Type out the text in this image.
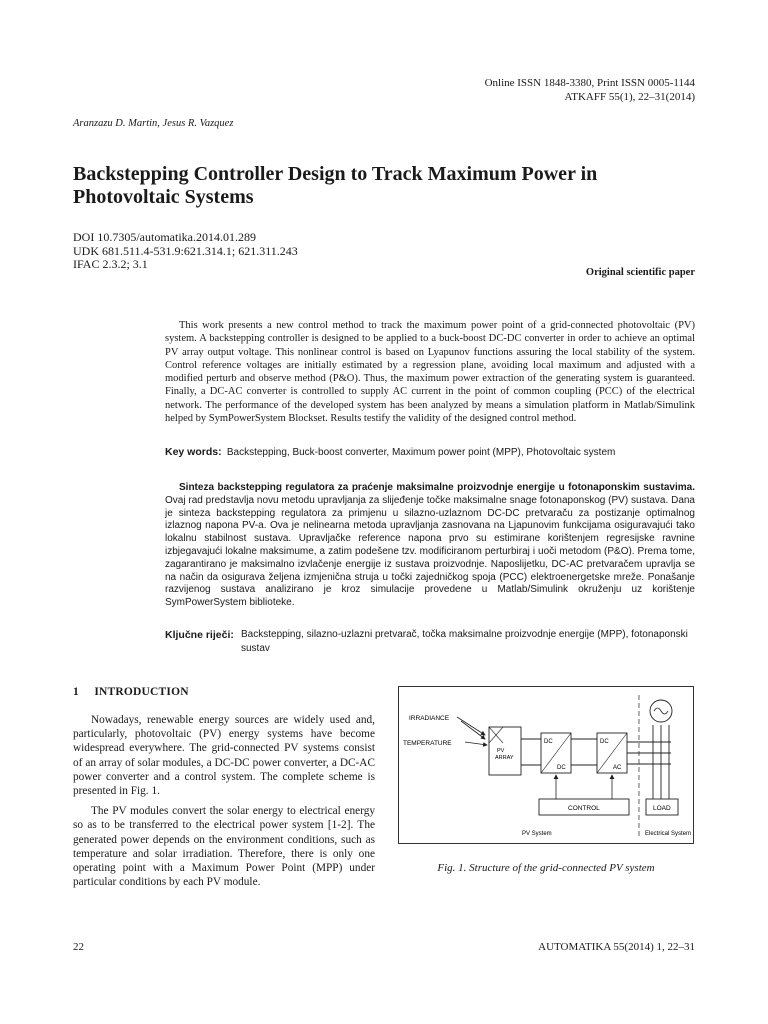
Online ISSN 1848-3380, Print ISSN 0005-1144
ATKAFF 55(1), 22–31(2014)
Aranzazu D. Martin, Jesus R. Vazquez
Backstepping Controller Design to Track Maximum Power in Photovoltaic Systems
DOI 10.7305/automatika.2014.01.289
UDK 681.511.4-531.9:621.314.1; 621.311.243
IFAC 2.3.2; 3.1
Original scientific paper

This work presents a new control method to track the maximum power point of a grid-connected photovoltaic (PV) system. A backstepping controller is designed to be applied to a buck-boost DC-DC converter in order to achieve an optimal PV array output voltage. This nonlinear control is based on Lyapunov functions assuring the local stability of the system. Control reference voltages are initially estimated by a regression plane, avoiding local maximum and adjusted with a modified perturb and observe method (P&O). Thus, the maximum power extraction of the generating system is guaranteed. Finally, a DC-AC converter is controlled to supply AC current in the point of common coupling (PCC) of the electrical network. The performance of the developed system has been analyzed by means a simulation platform in Matlab/Simulink helped by SymPowerSystem Blockset. Results testify the validity of the designed control method.

Key words: Backstepping, Buck-boost converter, Maximum power point (MPP), Photovoltaic system

Sinteza backstepping regulatora za praćenje maksimalne proizvodnje energije u fotonaponskim sustavima. Ovaj rad predstavlja novu metodu upravljanja za slijeđenje točke maksimalne snage fotonaponskog (PV) sustava. Dana je sinteza backstepping regulatora za primjenu u silazno-uzlaznom DC-DC pretvaraču za postizanje optimalnog izlaznog napona PV-a. Ova je nelinearna metoda upravljanja zasnovana na Ljapunovim funkcijama osiguravajući tako lokalnu stabilnost sustava. Upravljačke reference napona prvo su estimirane korištenjem regresijske ravnine izbjegavajući lokalne maksimume, a zatim podešene tzv. modificiranom perturbiraj i uoči metodom (P&O). Prema tome, zagarantirano je maksimalno izvlačenje energije iz sustava proizvodnje. Naposlijetku, DC-AC pretvaračem upravlja se na način da osigurava željena izmjenična struja u točki zajedničkog spoja (PCC) elektroenergetske mreže. Ponašanje razvijenog sustava analizirano je kroz simulacije provedene u Matlab/Simulink okruženju uz korištenje SymPowerSystem biblioteke.

Ključne riječi: Backstepping, silazno-uzlazni pretvarač, točka maksimalne proizvodnje energije (MPP), fotonaponski sustav
1 INTRODUCTION

Nowadays, renewable energy sources are widely used and, particularly, photovoltaic (PV) energy systems have become widespread everywhere. The grid-connected PV systems consist of an array of solar modules, a DC-DC power converter, a DC-AC power converter and a control system. The complete scheme is presented in Fig. 1.

The PV modules convert the solar energy to electrical energy so as to be transferred to the electrical power system [1-2]. The generated power depends on the environment conditions, such as temperature and solar irradiation. Therefore, there is only one operating point with a Maximum Power Point (MPP) under particular conditions by each PV module.

IRRADIANCE
TEMPERATURE
PV
ARRAY
DC
DC
DC
AC
CONTROL	LOAD
PV System	Electrical System
Fig. 1. Structure of the grid-connected PV system
22	AUTOMATIKA 55(2014) 1, 22–31
